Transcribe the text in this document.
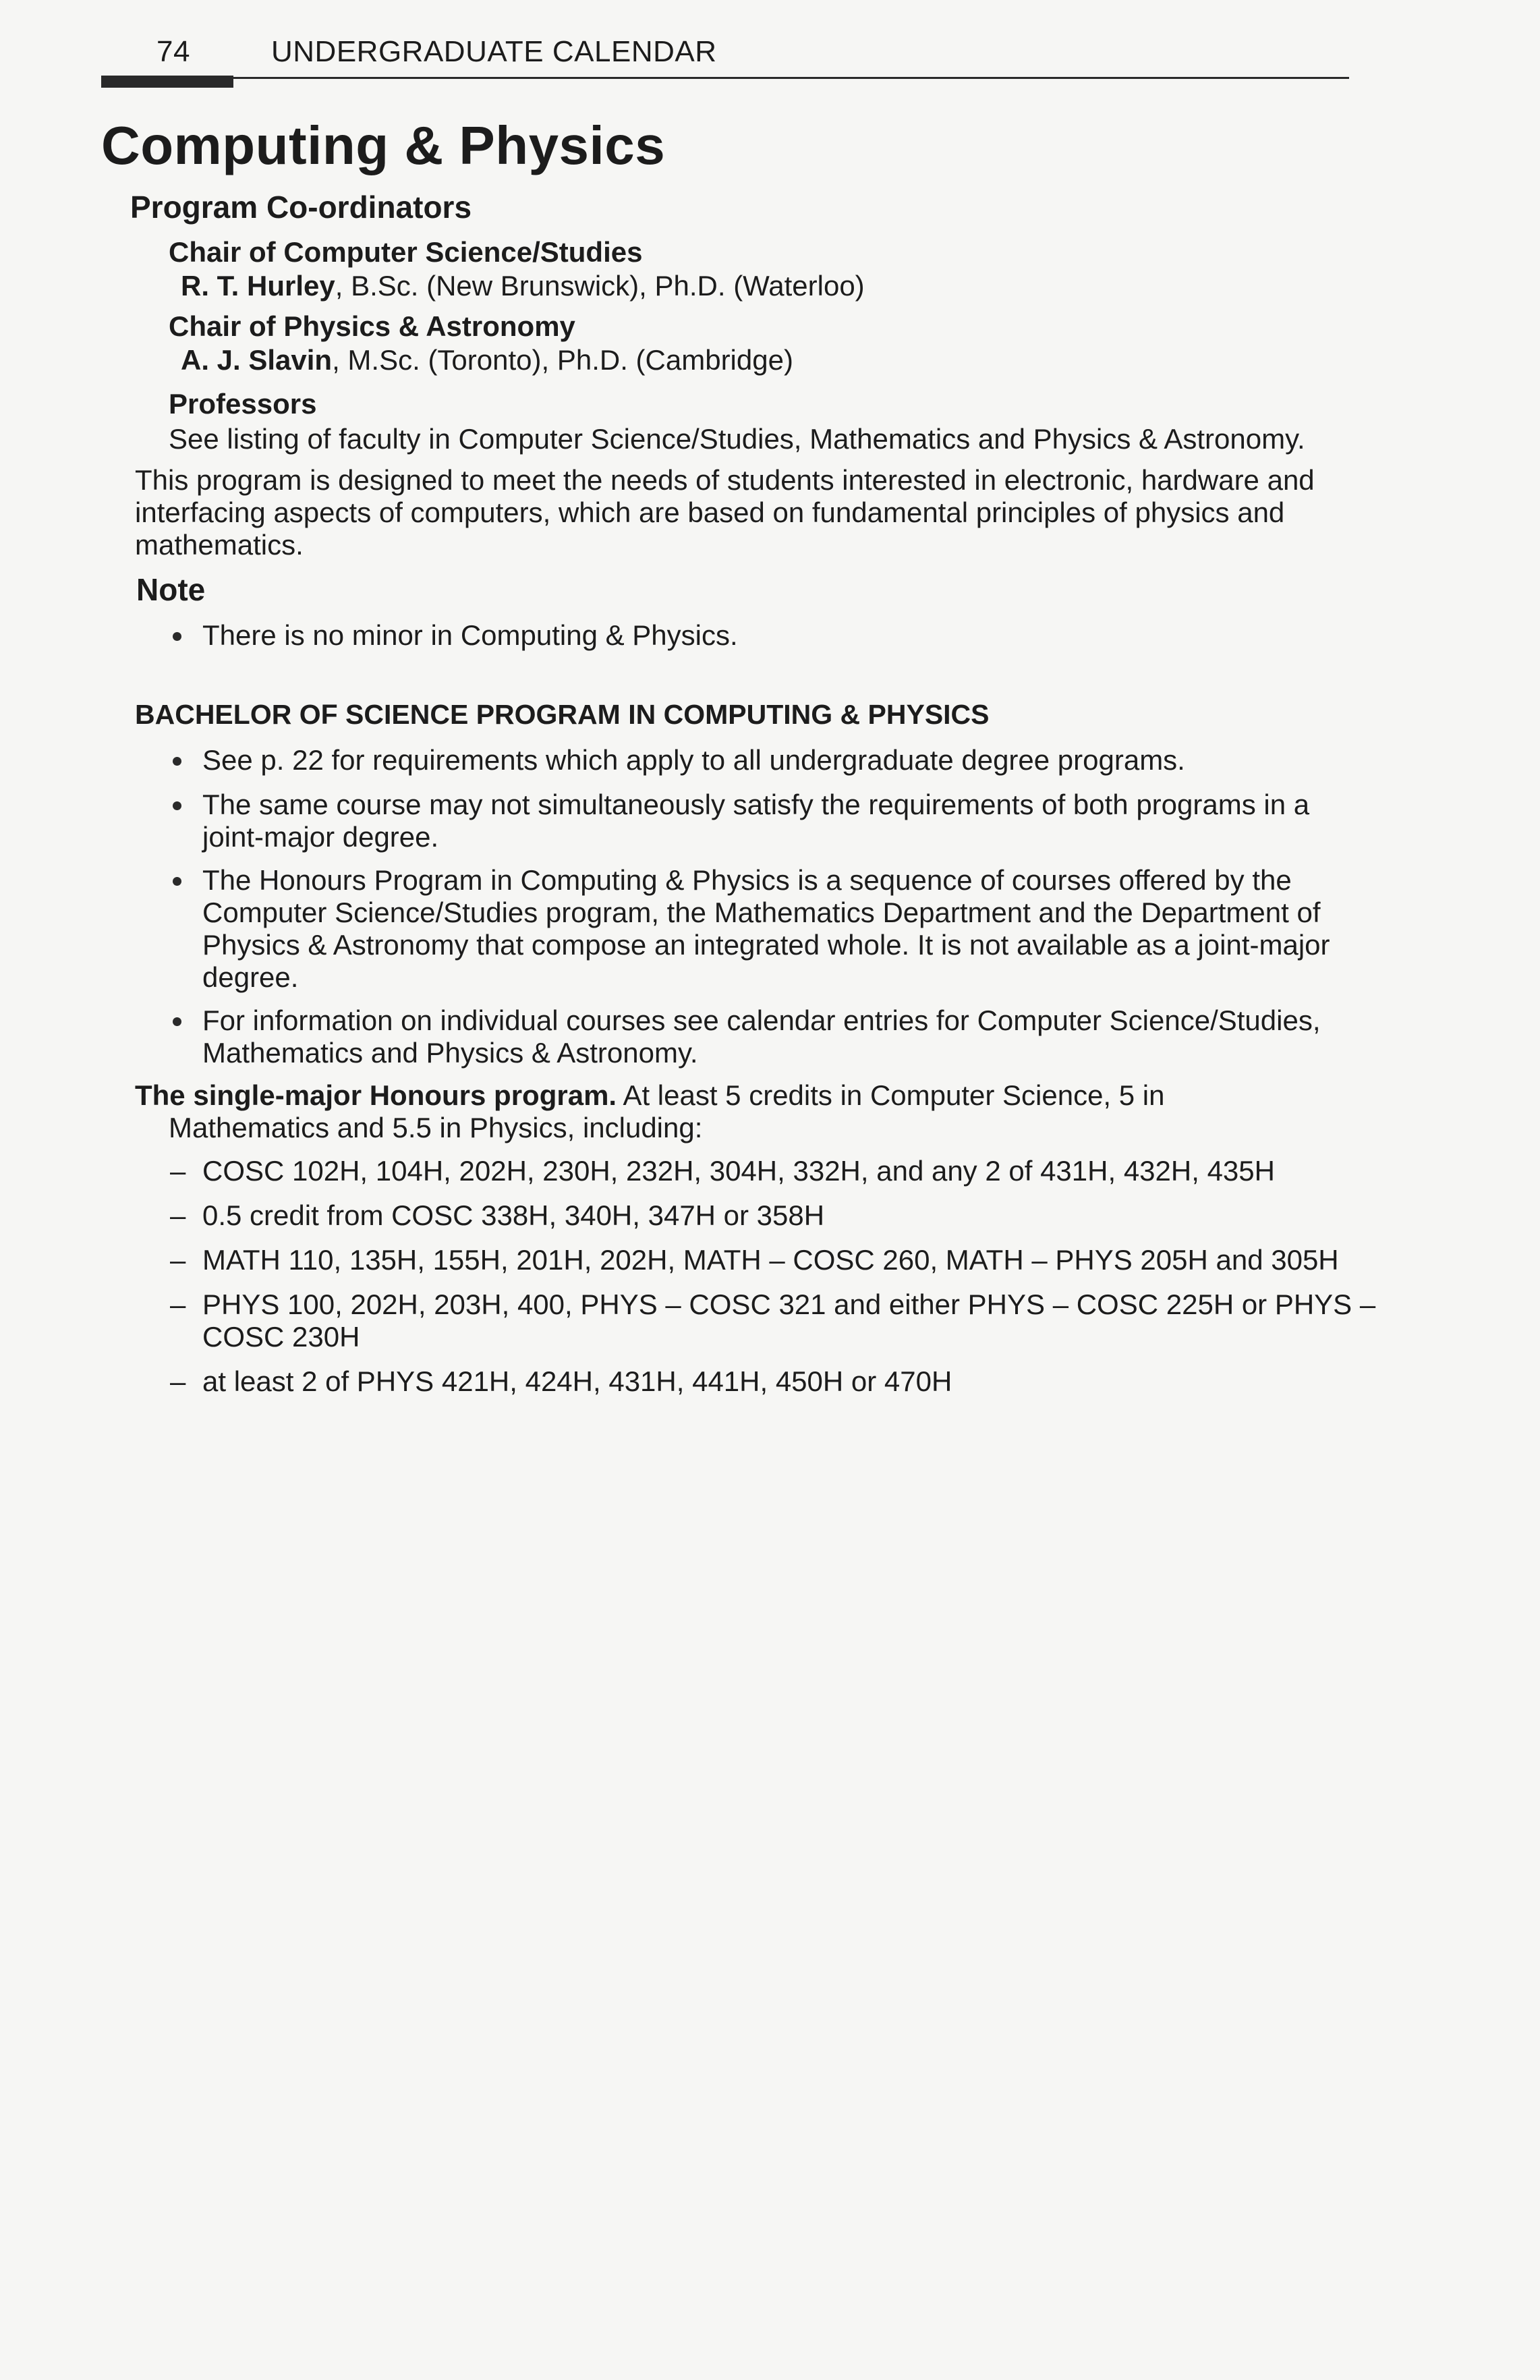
74	UNDERGRADUATE CALENDAR
Computing & Physics
Program Co-ordinators
Chair of Computer Science/Studies
R. T. Hurley, B.Sc. (New Brunswick), Ph.D. (Waterloo)
Chair of Physics & Astronomy
A. J. Slavin, M.Sc. (Toronto), Ph.D. (Cambridge)
Professors
See listing of faculty in Computer Science/Studies, Mathematics and Physics & Astronomy.
This program is designed to meet the needs of students interested in electronic, hardware and
interfacing aspects of computers, which are based on fundamental principles of physics and
mathematics.
Note
There is no minor in Computing & Physics.
BACHELOR OF SCIENCE PROGRAM IN COMPUTING & PHYSICS
See p. 22 for requirements which apply to all undergraduate degree programs.
The same course may not simultaneously satisfy the requirements of both programs in a
joint-major degree.
The Honours Program in Computing & Physics is a sequence of courses offered by the
Computer Science/Studies program, the Mathematics Department and the Department of
Physics & Astronomy that compose an integrated whole. It is not available as a joint-major
degree.
For information on individual courses see calendar entries for Computer Science/Studies,
Mathematics and Physics & Astronomy.
The single-major Honours program. At least 5 credits in Computer Science, 5 in
Mathematics and 5.5 in Physics, including:
– COSC 102H, 104H, 202H, 230H, 232H, 304H, 332H, and any 2 of 431H, 432H, 435H
– 0.5 credit from COSC 338H, 340H, 347H or 358H
– MATH 110, 135H, 155H, 201H, 202H, MATH – COSC 260, MATH – PHYS 205H and 305H
– PHYS 100, 202H, 203H, 400, PHYS – COSC 321 and either PHYS – COSC 225H or PHYS –
COSC 230H
– at least 2 of PHYS 421H, 424H, 431H, 441H, 450H or 470H
